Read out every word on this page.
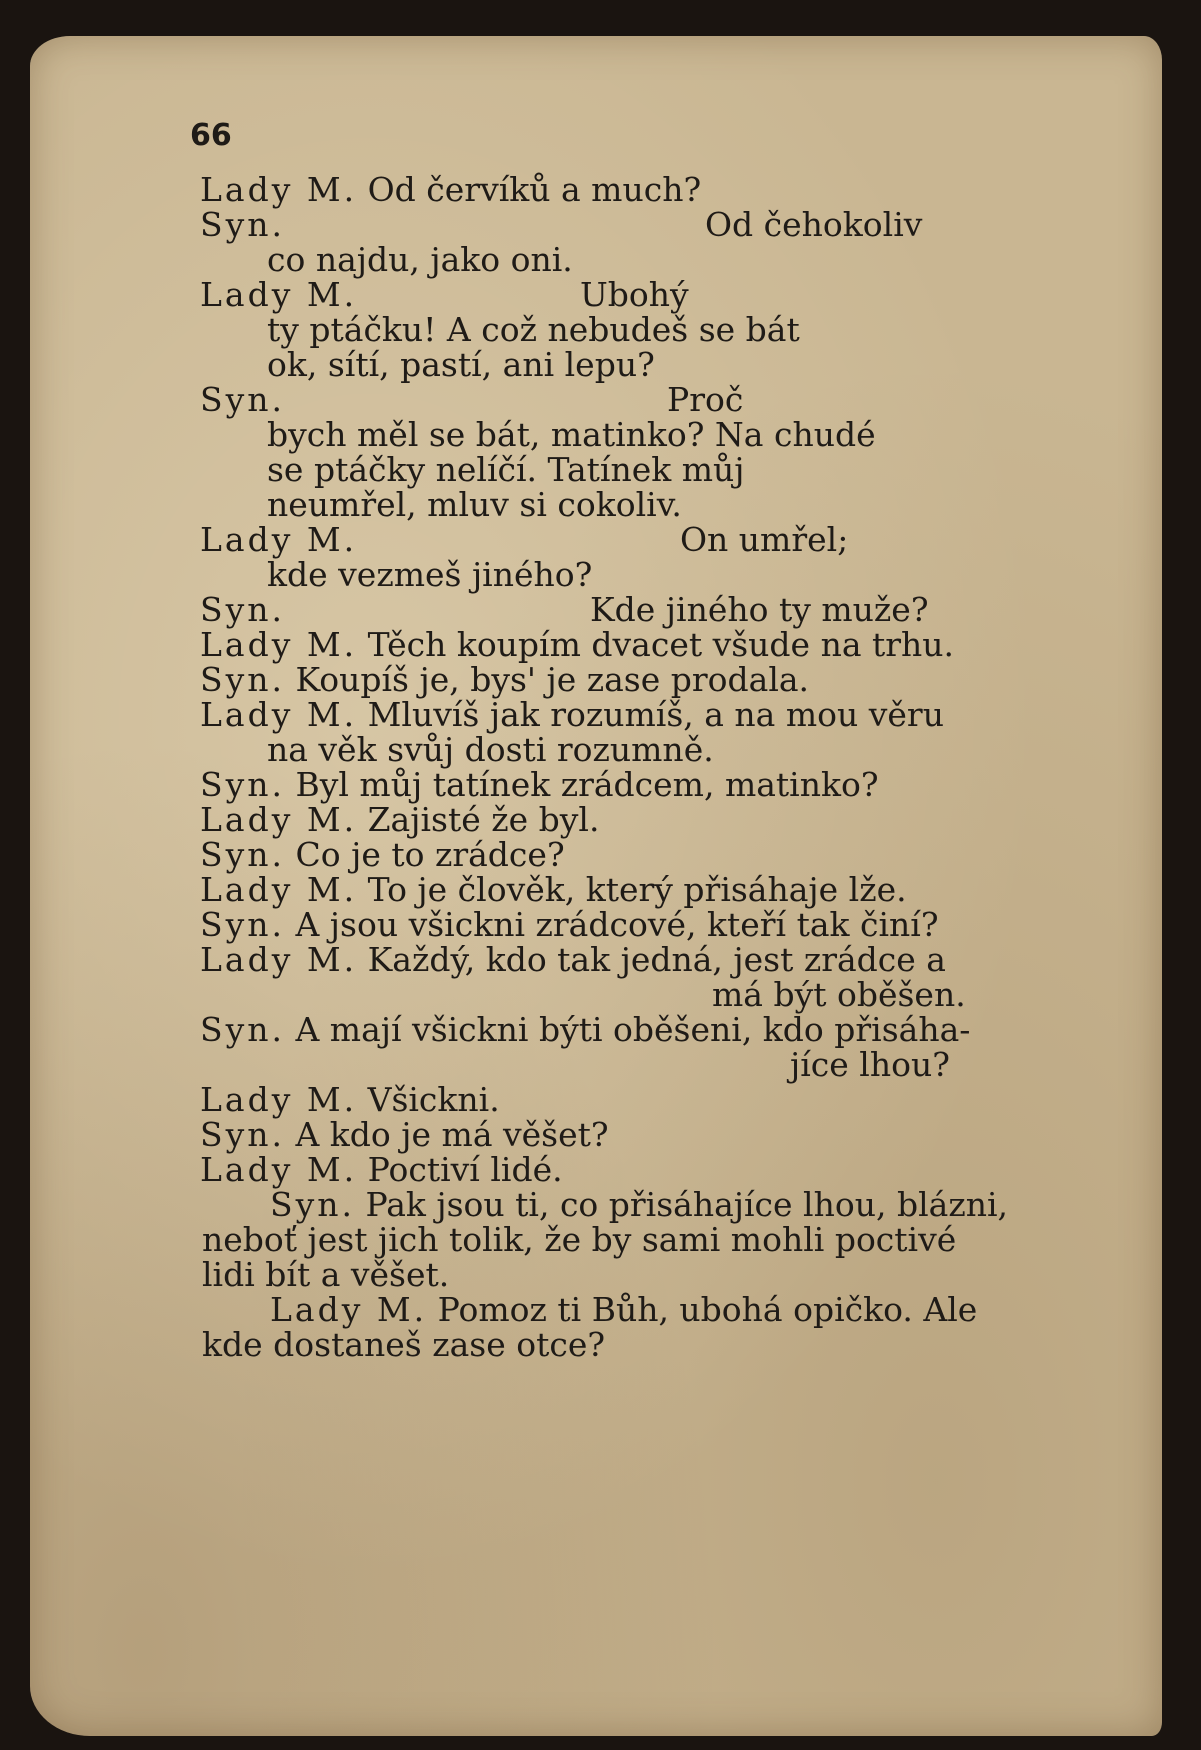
66
Lady M. Od červíků a much?
Syn.	Od čehokoliv
co najdu, jako oni.
Lady M.	Ubohý
ty ptáčku! A což nebudeš se bát
ok, sítí, pastí, ani lepu?
Syn.	Proč
bych měl se bát, matinko? Na chudé
se ptáčky nelíčí. Tatínek můj
neumřel, mluv si cokoliv.
Lady M.	On umřel;
kde vezmeš jiného?
Syn.	Kde jiného ty muže?
Lady M. Těch koupím dvacet všude na trhu.
Syn. Koupíš je, bys' je zase prodala.
Lady M. Mluvíš jak rozumíš, a na mou věru
na věk svůj dosti rozumně.
Syn. Byl můj tatínek zrádcem, matinko?
Lady M. Zajisté že byl.
Syn. Co je to zrádce?
Lady M. To je člověk, který přisáhaje lže.
Syn. A jsou všickni zrádcové, kteří tak činí?
Lady M. Každý, kdo tak jedná, jest zrádce a
má být oběšen.
Syn. A mají všickni býti oběšeni, kdo přisáha-
jíce lhou?
Lady M. Všickni.
Syn. A kdo je má věšet?
Lady M. Poctiví lidé.
Syn. Pak jsou ti, co přisáhajíce lhou, blázni,
neboť jest jich tolik, že by sami mohli poctivé
lidi bít a věšet.
Lady M. Pomoz ti Bůh, ubohá opičko. Ale
kde dostaneš zase otce?
